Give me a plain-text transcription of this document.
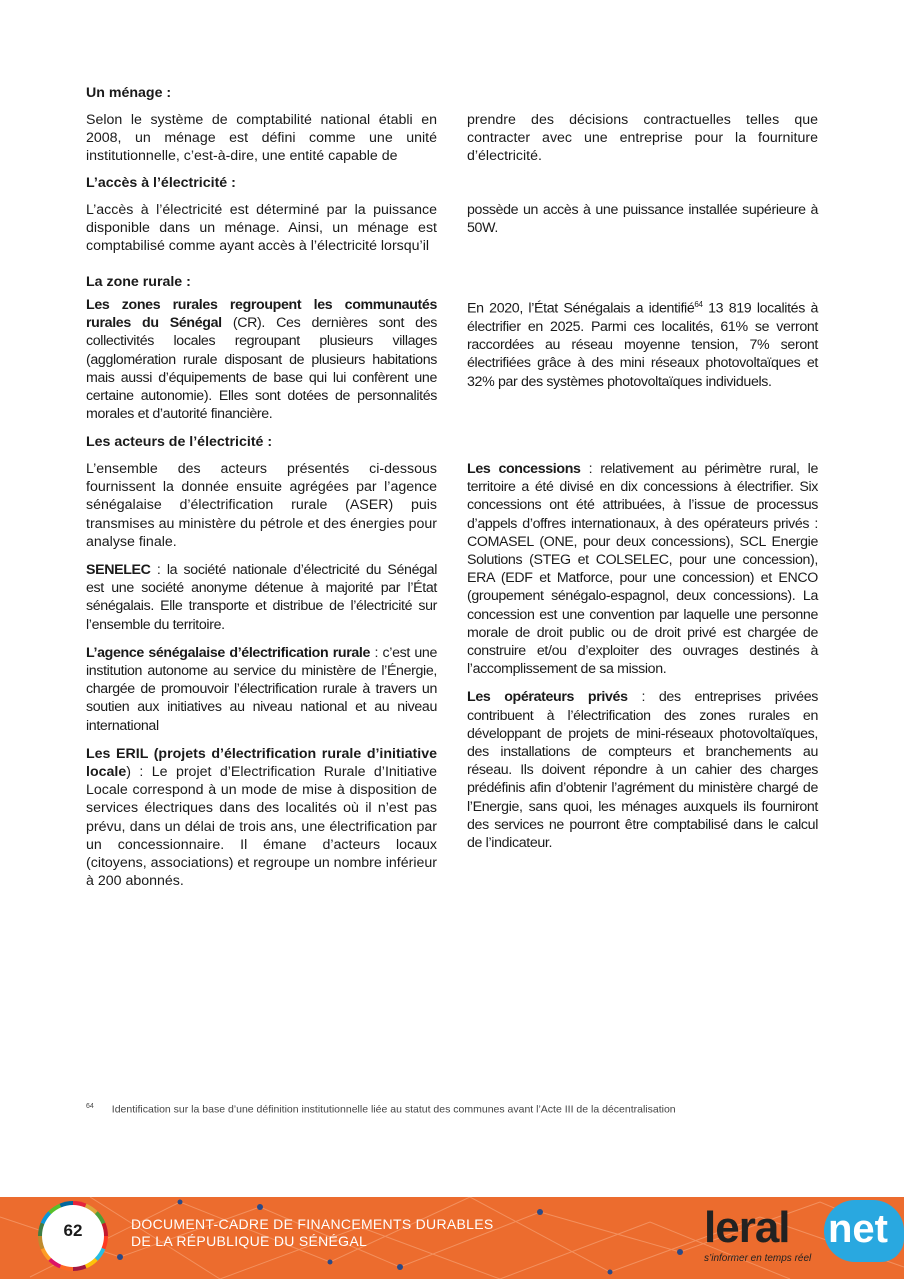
Un ménage :

Selon le système de comptabilité national établi en 2008, un ménage est défini comme une unité institutionnelle, c’est-à-dire, une entité capable de

prendre des décisions contractuelles telles que contracter avec une entreprise pour la fourniture d’électricité.

L’accès à l’électricité :

L’accès à l’électricité est déterminé par la puissance disponible dans un ménage. Ainsi, un ménage est comptabilisé comme ayant accès à l’électricité lorsqu’il

possède un accès à une puissance installée supérieure à 50W.

La zone rurale :

Les zones rurales regroupent les communautés rurales du Sénégal (CR). Ces dernières sont des collectivités locales regroupant plusieurs villages (agglomération rurale disposant de plusieurs habitations mais aussi d’équipements de base qui lui confèrent une certaine autonomie). Elles sont dotées de personnalités morales et d’autorité financière.

En 2020, l’État Sénégalais a identifié$^{64}$ 13 819 localités à électrifier en 2025. Parmi ces localités, 61% se verront raccordées au réseau moyenne tension, 7% seront électrifiées grâce à des mini réseaux photovoltaïques et 32% par des systèmes photovoltaïques individuels.

Les acteurs de l’électricité :

L’ensemble des acteurs présentés ci-dessous fournissent la donnée ensuite agrégées par l’agence sénégalaise d’électrification rurale (ASER) puis transmises au ministère du pétrole et des énergies pour analyse finale.

SENELEC : la société nationale d’électricité du Sénégal est une société anonyme détenue à majorité par l’État sénégalais. Elle transporte et distribue de l’électricité sur l’ensemble du territoire.

L’agence sénégalaise d’électrification rurale : c’est une institution autonome au service du ministère de l’Énergie, chargée de promouvoir l’électrification rurale à travers un soutien aux initiatives au niveau national et au niveau international

Les ERIL (projets d’électrification rurale d’initiative locale) : Le projet d’Electrification Rurale d’Initiative Locale correspond à un mode de mise à disposition de services électriques dans des localités où il n’est pas prévu, dans un délai de trois ans, une électrification par un concessionnaire. Il émane d’acteurs locaux (citoyens, associations) et regroupe un nombre inférieur à 200 abonnés.

Les concessions : relativement au périmètre rural, le territoire a été divisé en dix concessions à électrifier. Six concessions ont été attribuées, à l’issue de processus d’appels d’offres internationaux, à des opérateurs privés : COMASEL (ONE, pour deux concessions), SCL Energie Solutions (STEG et COLSELEC, pour une concession), ERA (EDF et Matforce, pour une concession) et ENCO (groupement sénégalo-espagnol, deux concessions). La concession est une convention par laquelle une personne morale de droit public ou de droit privé est chargée de construire et/ou d’exploiter des ouvrages destinés à l’accomplissement de sa mission.

Les opérateurs privés : des entreprises privées contribuent à l’électrification des zones rurales en développant de projets de mini-réseaux photovoltaïques, des installations de compteurs et branchements au réseau. Ils doivent répondre à un cahier des charges prédéfinis afin d’obtenir l’agrément du ministère chargé de l’Energie, sans quoi, les ménages auxquels ils fourniront des services ne pourront être comptabilisé dans le calcul de l’indicateur.

$^{64}$ Identification sur la base d’une définition institutionnelle liée au statut des communes avant l’Acte III de la décentralisation
62	DOCUMENT-CADRE DE FINANCEMENTS DURABLES
DE LA RÉPUBLIQUE DU SÉNÉGAL	leral net
s’informer en temps réel
